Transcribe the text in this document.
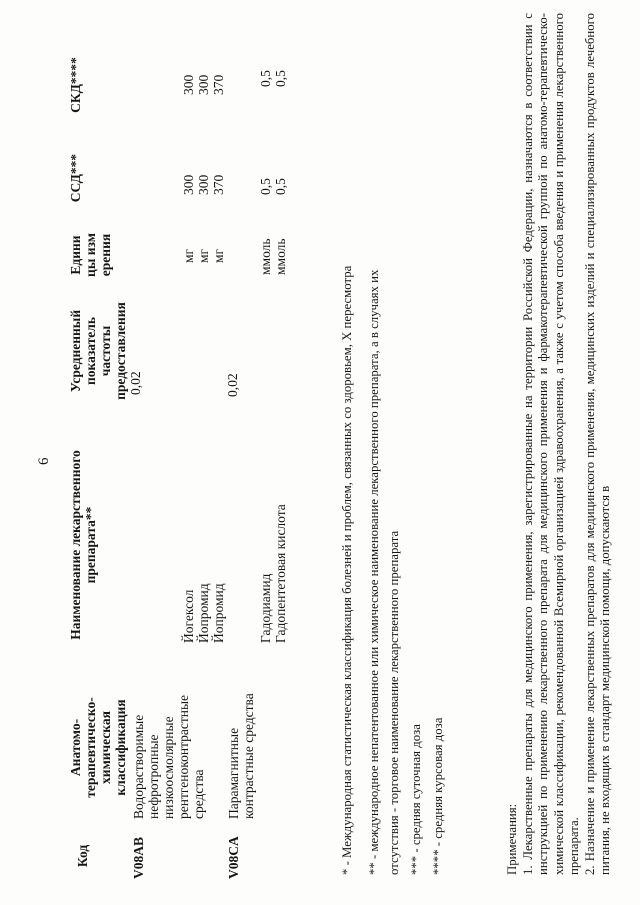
6
Код
Анатомо-терапевтическо-химическая классификация
Наименование лекарственного препарата**
Усредненный показатель частоты предоставления
Единицы измерения
ССД***
СКД****
V08AB
Водорастворимые нефротропные низкоосмолярные рентгеноконтрастные средства
0,02
Йогексол
мг
300
300
Йопромид
мг
300
300
Йопромид
мг
370
370
V08CA
Парамагнитные контрастные средства
0,02
Гадодиамид
ммоль
0,5
0,5
Гадопентетовая кислота
ммоль
0,5
0,5
* - Международная статистическая классификация болезней и проблем, связанных со здоровьем, X пересмотра ** - международное непатентованное или химическое наименование лекарственного препарата, а в случаях их отсутствия - торговое наименование лекарственного препарата *** - средняя суточная доза **** - средняя курсовая доза	Примечания: 1. Лекарственные препараты для медицинского применения, зарегистрированные на территории Российской Федерации, назначаются в соответствии с инструкцией по применению лекарственного препарата для медицинского применения и фармакотерапевтической группой по анатомо-терапевтическо-химической классификации, рекомендованной Всемирной организацией здравоохранения, а также с учетом способа введения и применения лекарственного препарата. 2. Назначение и применение лекарственных препаратов для медицинского применения, медицинских изделий и специализированных продуктов лечебного питания, не входящих в стандарт медицинской помощи, допускаются в
